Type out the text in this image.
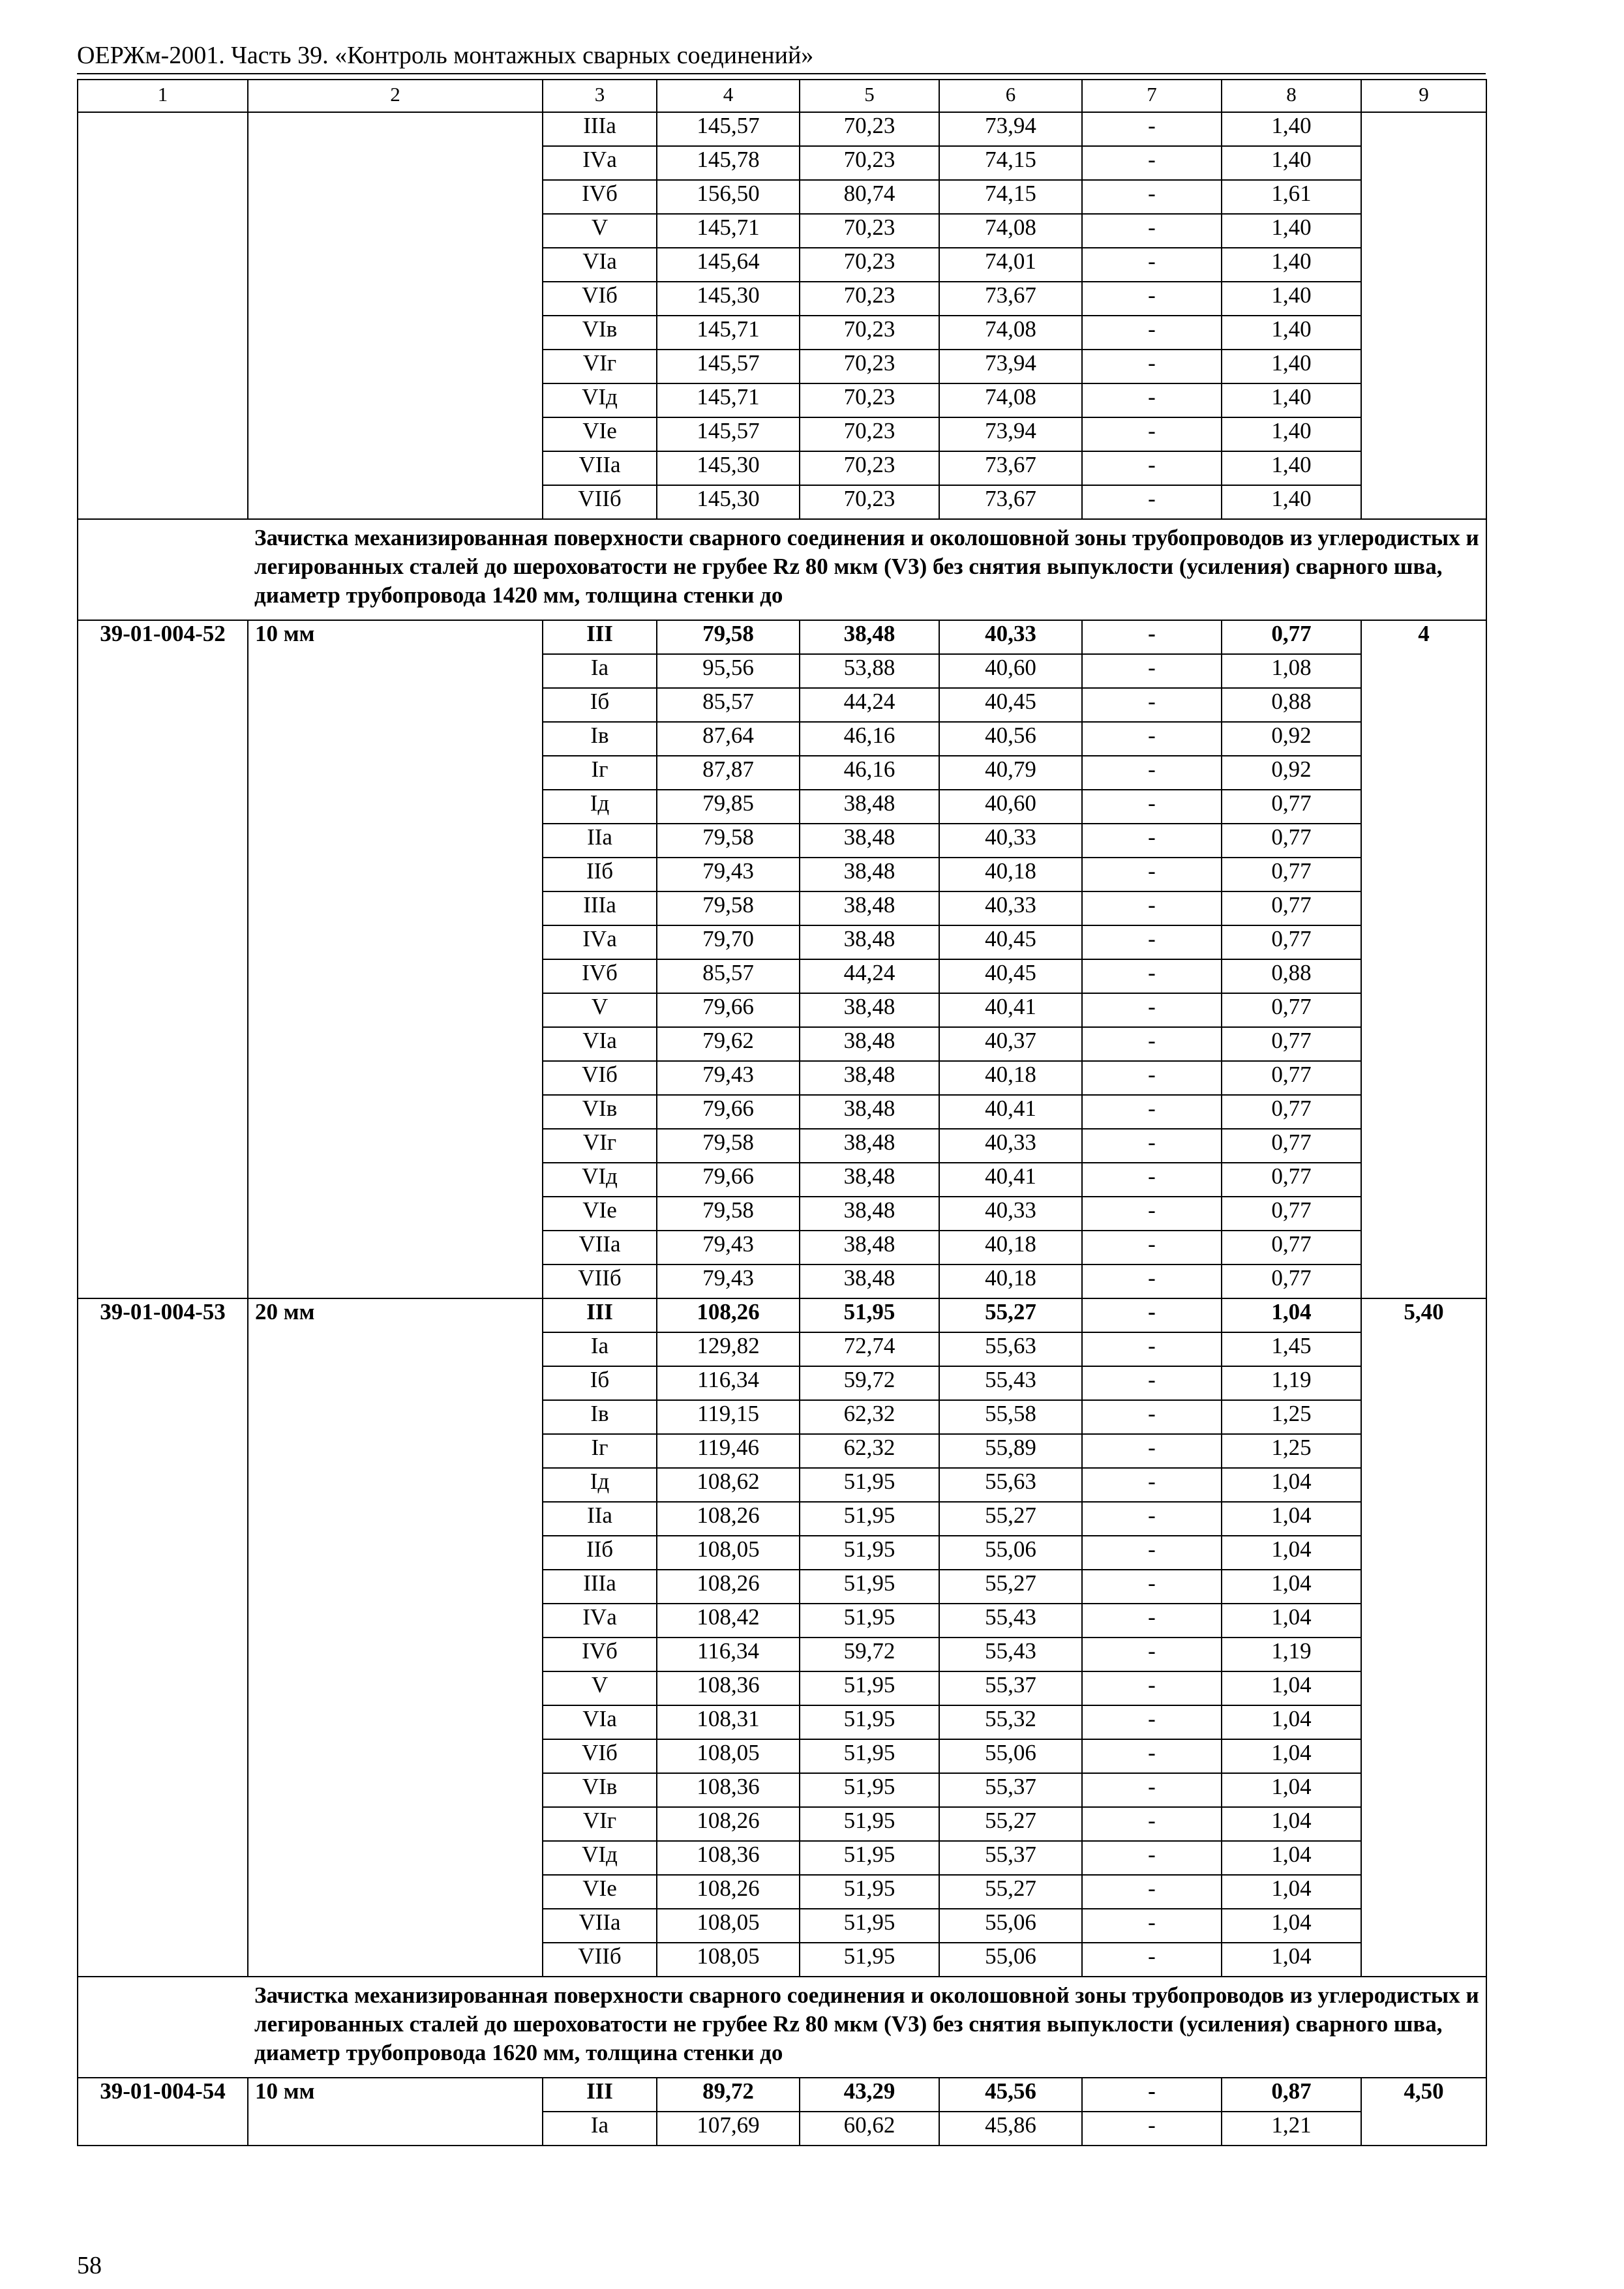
ОЕРЖм-2001. Часть 39. «Контроль монтажных сварных соединений»
1	2	3	4	5	6	7	8	9
		IIIа	145,57	70,23	73,94	-	1,40	
		IVа	145,78	70,23	74,15	-	1,40	
		IVб	156,50	80,74	74,15	-	1,61	
		V	145,71	70,23	74,08	-	1,40	
		VIа	145,64	70,23	74,01	-	1,40	
		VIб	145,30	70,23	73,67	-	1,40	
		VIв	145,71	70,23	74,08	-	1,40	
		VIг	145,57	70,23	73,94	-	1,40	
		VIд	145,71	70,23	74,08	-	1,40	
		VIе	145,57	70,23	73,94	-	1,40	
		VIIа	145,30	70,23	73,67	-	1,40	
		VIIб	145,30	70,23	73,67	-	1,40	
	Зачистка механизированная поверхности сварного соединения и околошовной зоны трубопроводов из углеродистых и легированных сталей до шероховатости не грубее Rz 80 мкм (V3) без снятия выпуклости (усиления) сварного шва, диаметр трубопровода 1420 мм, толщина стенки до							
39-01-004-52	10 мм	III	79,58	38,48	40,33	-	0,77	4
		Iа	95,56	53,88	40,60	-	1,08	
		Iб	85,57	44,24	40,45	-	0,88	
		Iв	87,64	46,16	40,56	-	0,92	
		Iг	87,87	46,16	40,79	-	0,92	
		Iд	79,85	38,48	40,60	-	0,77	
		IIа	79,58	38,48	40,33	-	0,77	
		IIб	79,43	38,48	40,18	-	0,77	
		IIIа	79,58	38,48	40,33	-	0,77	
		IVа	79,70	38,48	40,45	-	0,77	
		IVб	85,57	44,24	40,45	-	0,88	
		V	79,66	38,48	40,41	-	0,77	
		VIа	79,62	38,48	40,37	-	0,77	
		VIб	79,43	38,48	40,18	-	0,77	
		VIв	79,66	38,48	40,41	-	0,77	
		VIг	79,58	38,48	40,33	-	0,77	
		VIд	79,66	38,48	40,41	-	0,77	
		VIе	79,58	38,48	40,33	-	0,77	
		VIIа	79,43	38,48	40,18	-	0,77	
		VIIб	79,43	38,48	40,18	-	0,77	
39-01-004-53	20 мм	III	108,26	51,95	55,27	-	1,04	5,40
		Iа	129,82	72,74	55,63	-	1,45	
		Iб	116,34	59,72	55,43	-	1,19	
		Iв	119,15	62,32	55,58	-	1,25	
		Iг	119,46	62,32	55,89	-	1,25	
		Iд	108,62	51,95	55,63	-	1,04	
		IIа	108,26	51,95	55,27	-	1,04	
		IIб	108,05	51,95	55,06	-	1,04	
		IIIа	108,26	51,95	55,27	-	1,04	
		IVа	108,42	51,95	55,43	-	1,04	
		IVб	116,34	59,72	55,43	-	1,19	
		V	108,36	51,95	55,37	-	1,04	
		VIа	108,31	51,95	55,32	-	1,04	
		VIб	108,05	51,95	55,06	-	1,04	
		VIв	108,36	51,95	55,37	-	1,04	
		VIг	108,26	51,95	55,27	-	1,04	
		VIд	108,36	51,95	55,37	-	1,04	
		VIе	108,26	51,95	55,27	-	1,04	
		VIIа	108,05	51,95	55,06	-	1,04	
		VIIб	108,05	51,95	55,06	-	1,04	
	Зачистка механизированная поверхности сварного соединения и околошовной зоны трубопроводов из углеродистых и легированных сталей до шероховатости не грубее Rz 80 мкм (V3) без снятия выпуклости (усиления) сварного шва, диаметр трубопровода 1620 мм, толщина стенки до							
39-01-004-54	10 мм	III	89,72	43,29	45,56	-	0,87	4,50
		Iа	107,69	60,62	45,86	-	1,21	
58
